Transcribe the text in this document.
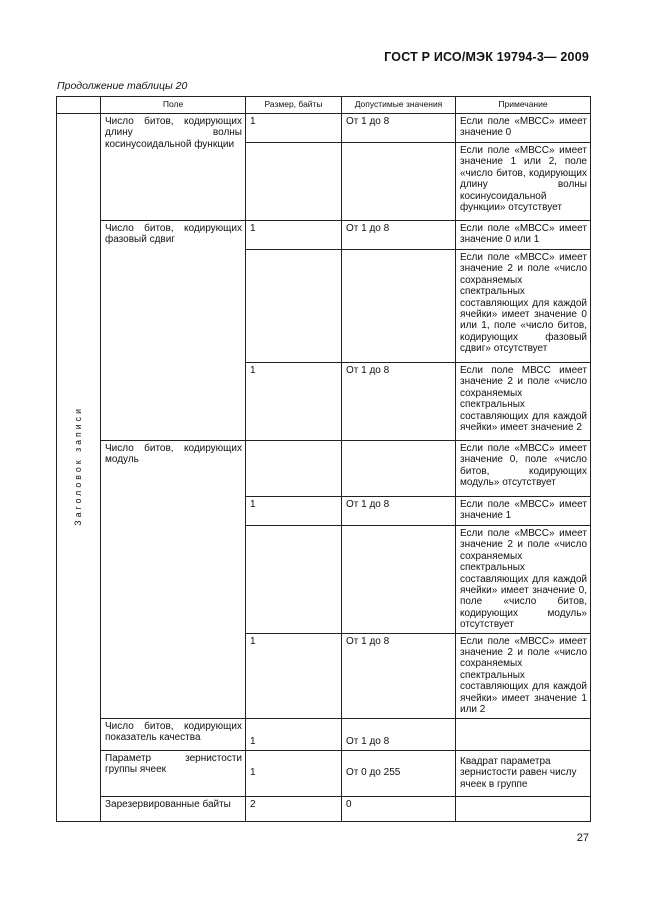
ГОСТ Р ИСО/МЭК 19794-3— 2009
Продолжение таблицы 20
	Поле	Размер, байты	Допустимые значения	Примечание
Заголовок записи	Число битов, кодирующих длину волны косинусоидальной функции	1	От 1 до 8	Если поле «МВСС» имеет значение 0
				Если поле «МВСС» имеет значение 1 или 2, поле «число битов, кодирующих длину волны косинусоидальной функции» отсутствует
	Число битов, кодирующих фазовый сдвиг	1	От 1 до 8	Если поле «МВСС» имеет значение 0 или 1
				Если поле «МВСС» имеет значение 2 и поле «число сохраняемых спектральных составляющих для каждой ячейки» имеет значение 0 или 1, поле «число битов, кодирующих фазовый сдвиг» отсутствует
		1	От 1 до 8	Если поле МВСС имеет значение 2 и поле «число сохраняемых спектральных составляющих для каждой ячейки» имеет значение 2
	Число битов, кодирующих модуль			Если поле «МВСС» имеет значение 0, поле «число битов, кодирующих модуль» отсутствует
		1	От 1 до 8	Если поле «МВСС» имеет значение 1
				Если поле «МВСС» имеет значение 2 и поле «число сохраняемых спектральных составляющих для каждой ячейки» имеет значение 0, поле «число битов, кодирующих модуль» отсутствует
		1	От 1 до 8	Если поле «МВСС» имеет значение 2 и поле «число сохраняемых спектральных составляющих для каждой ячейки» имеет значение 1 или 2
	Число битов, кодирующих показатель качества	1	От 1 до 8	
	Параметр зернистости группы ячеек	1	От 0 до 255	Квадрат параметра зернистости равен числу ячеек в группе
	Зарезервированные байты	2	0	
27
